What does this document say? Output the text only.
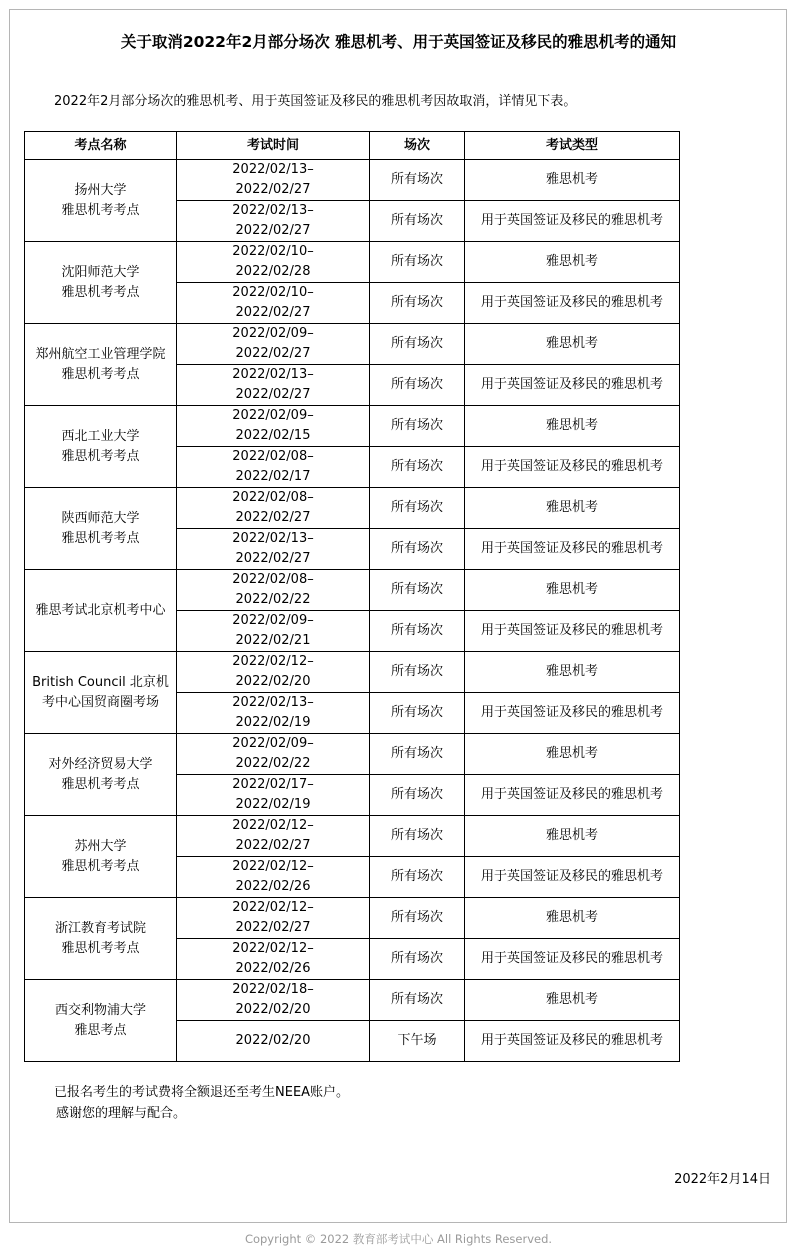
关于取消2022年2月部分场次 雅思机考、用于英国签证及移民的雅思机考的通知
2022年2月部分场次的雅思机考、用于英国签证及移民的雅思机考因故取消，详情见下表。
考点名称	考试时间	场次	考试类型

扬州大学
雅思机考考点	2022/02/13–2022/02/27	所有场次	雅思机考
	2022/02/13–2022/02/27	所有场次	用于英国签证及移民的雅思机考

沈阳师范大学
雅思机考考点	2022/02/10–2022/02/28	所有场次	雅思机考
	2022/02/10–2022/02/27	所有场次	用于英国签证及移民的雅思机考

郑州航空工业管理学院雅思机考考点	2022/02/09–2022/02/27	所有场次	雅思机考
	2022/02/13–2022/02/27	所有场次	用于英国签证及移民的雅思机考

西北工业大学
雅思机考考点	2022/02/09–2022/02/15	所有场次	雅思机考
	2022/02/08–2022/02/17	所有场次	用于英国签证及移民的雅思机考

陕西师范大学
雅思机考考点	2022/02/08–2022/02/27	所有场次	雅思机考
	2022/02/13–2022/02/27	所有场次	用于英国签证及移民的雅思机考

雅思考试北京机考中心	2022/02/08–2022/02/22	所有场次	雅思机考
	2022/02/09–2022/02/21	所有场次	用于英国签证及移民的雅思机考

British Council 北京机考中心国贸商圈考场	2022/02/12–2022/02/20	所有场次	雅思机考
	2022/02/13–2022/02/19	所有场次	用于英国签证及移民的雅思机考

对外经济贸易大学
雅思机考考点	2022/02/09–2022/02/22	所有场次	雅思机考
	2022/02/17–2022/02/19	所有场次	用于英国签证及移民的雅思机考

苏州大学
雅思机考考点	2022/02/12–2022/02/27	所有场次	雅思机考
	2022/02/12–2022/02/26	所有场次	用于英国签证及移民的雅思机考

浙江教育考试院
雅思机考考点	2022/02/12–2022/02/27	所有场次	雅思机考
	2022/02/12–2022/02/26	所有场次	用于英国签证及移民的雅思机考

西交利物浦大学
雅思考点	2022/02/18–2022/02/20	所有场次	雅思机考
	2022/02/20	下午场	用于英国签证及移民的雅思机考
已报名考生的考试费将全额退还至考生NEEA账户。
感谢您的理解与配合。
2022年2月14日
Copyright © 2022 教育部考试中心 All Rights Reserved.
